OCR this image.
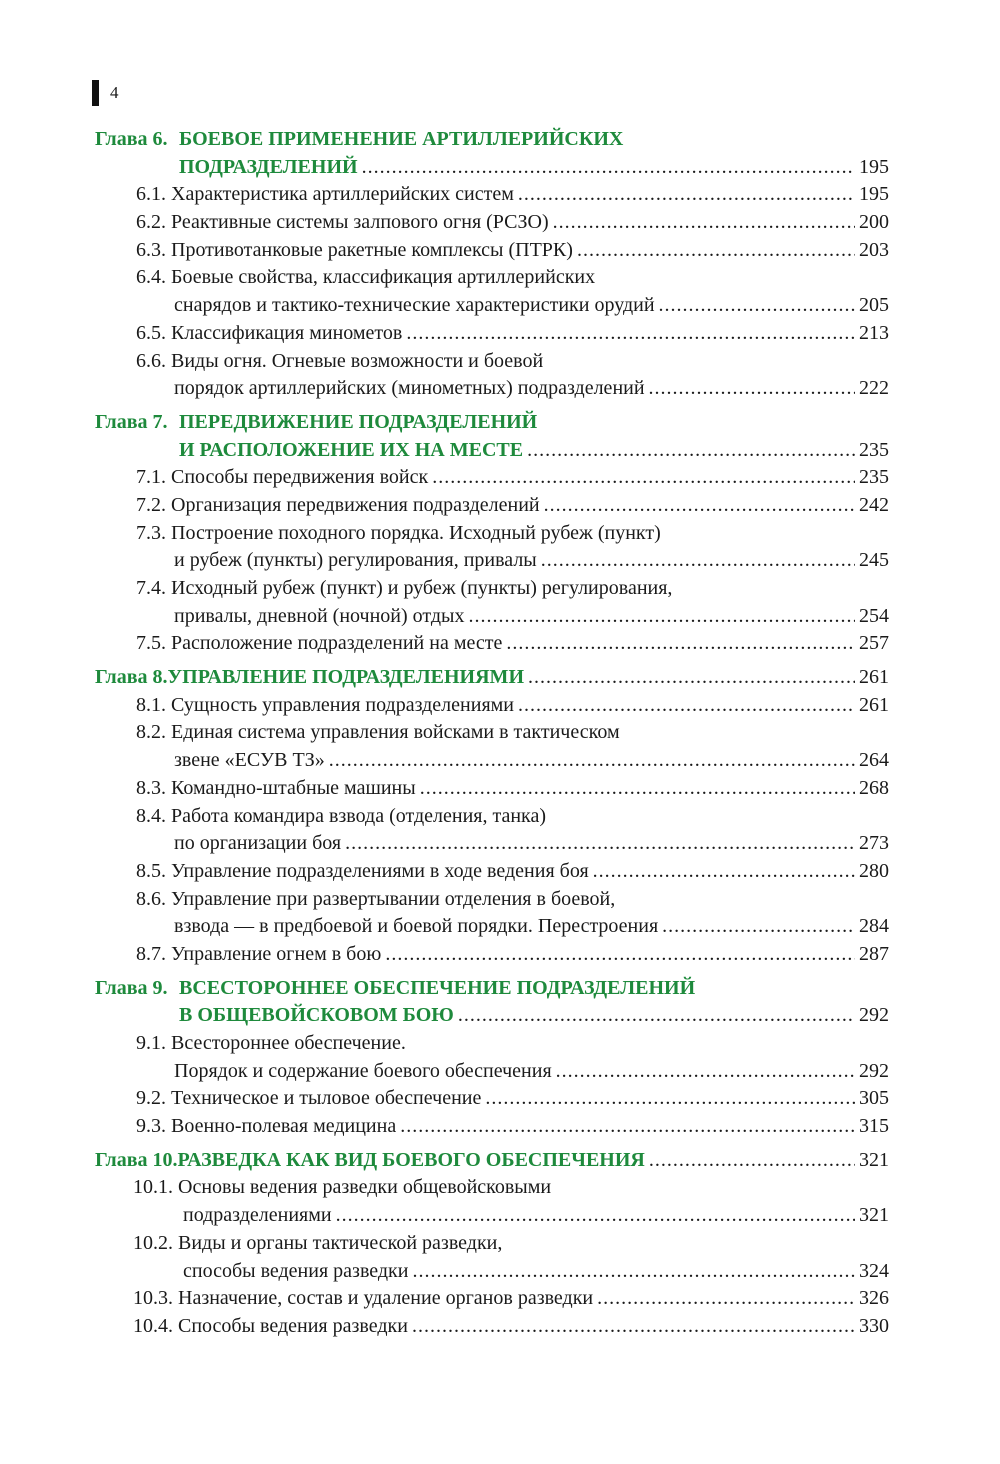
4
Глава 6. БОЕВОЕ ПРИМЕНЕНИЕ АРТИЛЛЕРИЙСКИХ
ПОДРАЗДЕЛЕНИЙ .....	195
6.1. Характеристика артиллерийских систем .....	195
6.2. Реактивные системы залпового огня (РСЗО) .....	200
6.3. Противотанковые ракетные комплексы (ПТРК) .....	203
6.4. Боевые свойства, классификация артиллерийских
снарядов и тактико-технические характеристики орудий .....	205
6.5. Классификация минометов .....	213
6.6. Виды огня. Огневые возможности и боевой
порядок артиллерийских (минометных) подразделений .....	222
Глава 7. ПЕРЕДВИЖЕНИЕ ПОДРАЗДЕЛЕНИЙ
И РАСПОЛОЖЕНИЕ ИХ НА МЕСТЕ .....	235
7.1. Способы передвижения войск .....	235
7.2. Организация передвижения подразделений .....	242
7.3. Построение походного порядка. Исходный рубеж (пункт)
и рубеж (пункты) регулирования, привалы .....	245
7.4. Исходный рубеж (пункт) и рубеж (пункты) регулирования,
привалы, дневной (ночной) отдых .....	254
7.5. Расположение подразделений на месте .....	257
Глава 8. УПРАВЛЕНИЕ ПОДРАЗДЕЛЕНИЯМИ .....	261
8.1. Сущность управления подразделениями .....	261
8.2. Единая система управления войсками в тактическом
звене «ЕСУВ ТЗ» .....	264
8.3. Командно-штабные машины .....	268
8.4. Работа командира взвода (отделения, танка)
по организации боя .....	273
8.5. Управление подразделениями в ходе ведения боя .....	280
8.6. Управление при развертывании отделения в боевой,
взвода — в предбоевой и боевой порядки. Перестроения .....	284
8.7. Управление огнем в бою .....	287
Глава 9. ВСЕСТОРОННЕЕ ОБЕСПЕЧЕНИЕ ПОДРАЗДЕЛЕНИЙ
В ОБЩЕВОЙСКОВОМ БОЮ .....	292
9.1. Всестороннее обеспечение.
Порядок и содержание боевого обеспечения .....	292
9.2. Техническое и тыловое обеспечение .....	305
9.3. Военно-полевая медицина .....	315
Глава 10. РАЗВЕДКА КАК ВИД БОЕВОГО ОБЕСПЕЧЕНИЯ .....	321
10.1. Основы ведения разведки общевойсковыми
подразделениями .....	321
10.2. Виды и органы тактической разведки,
способы ведения разведки .....	324
10.3. Назначение, состав и удаление органов разведки .....	326
10.4. Способы ведения разведки .....	330
